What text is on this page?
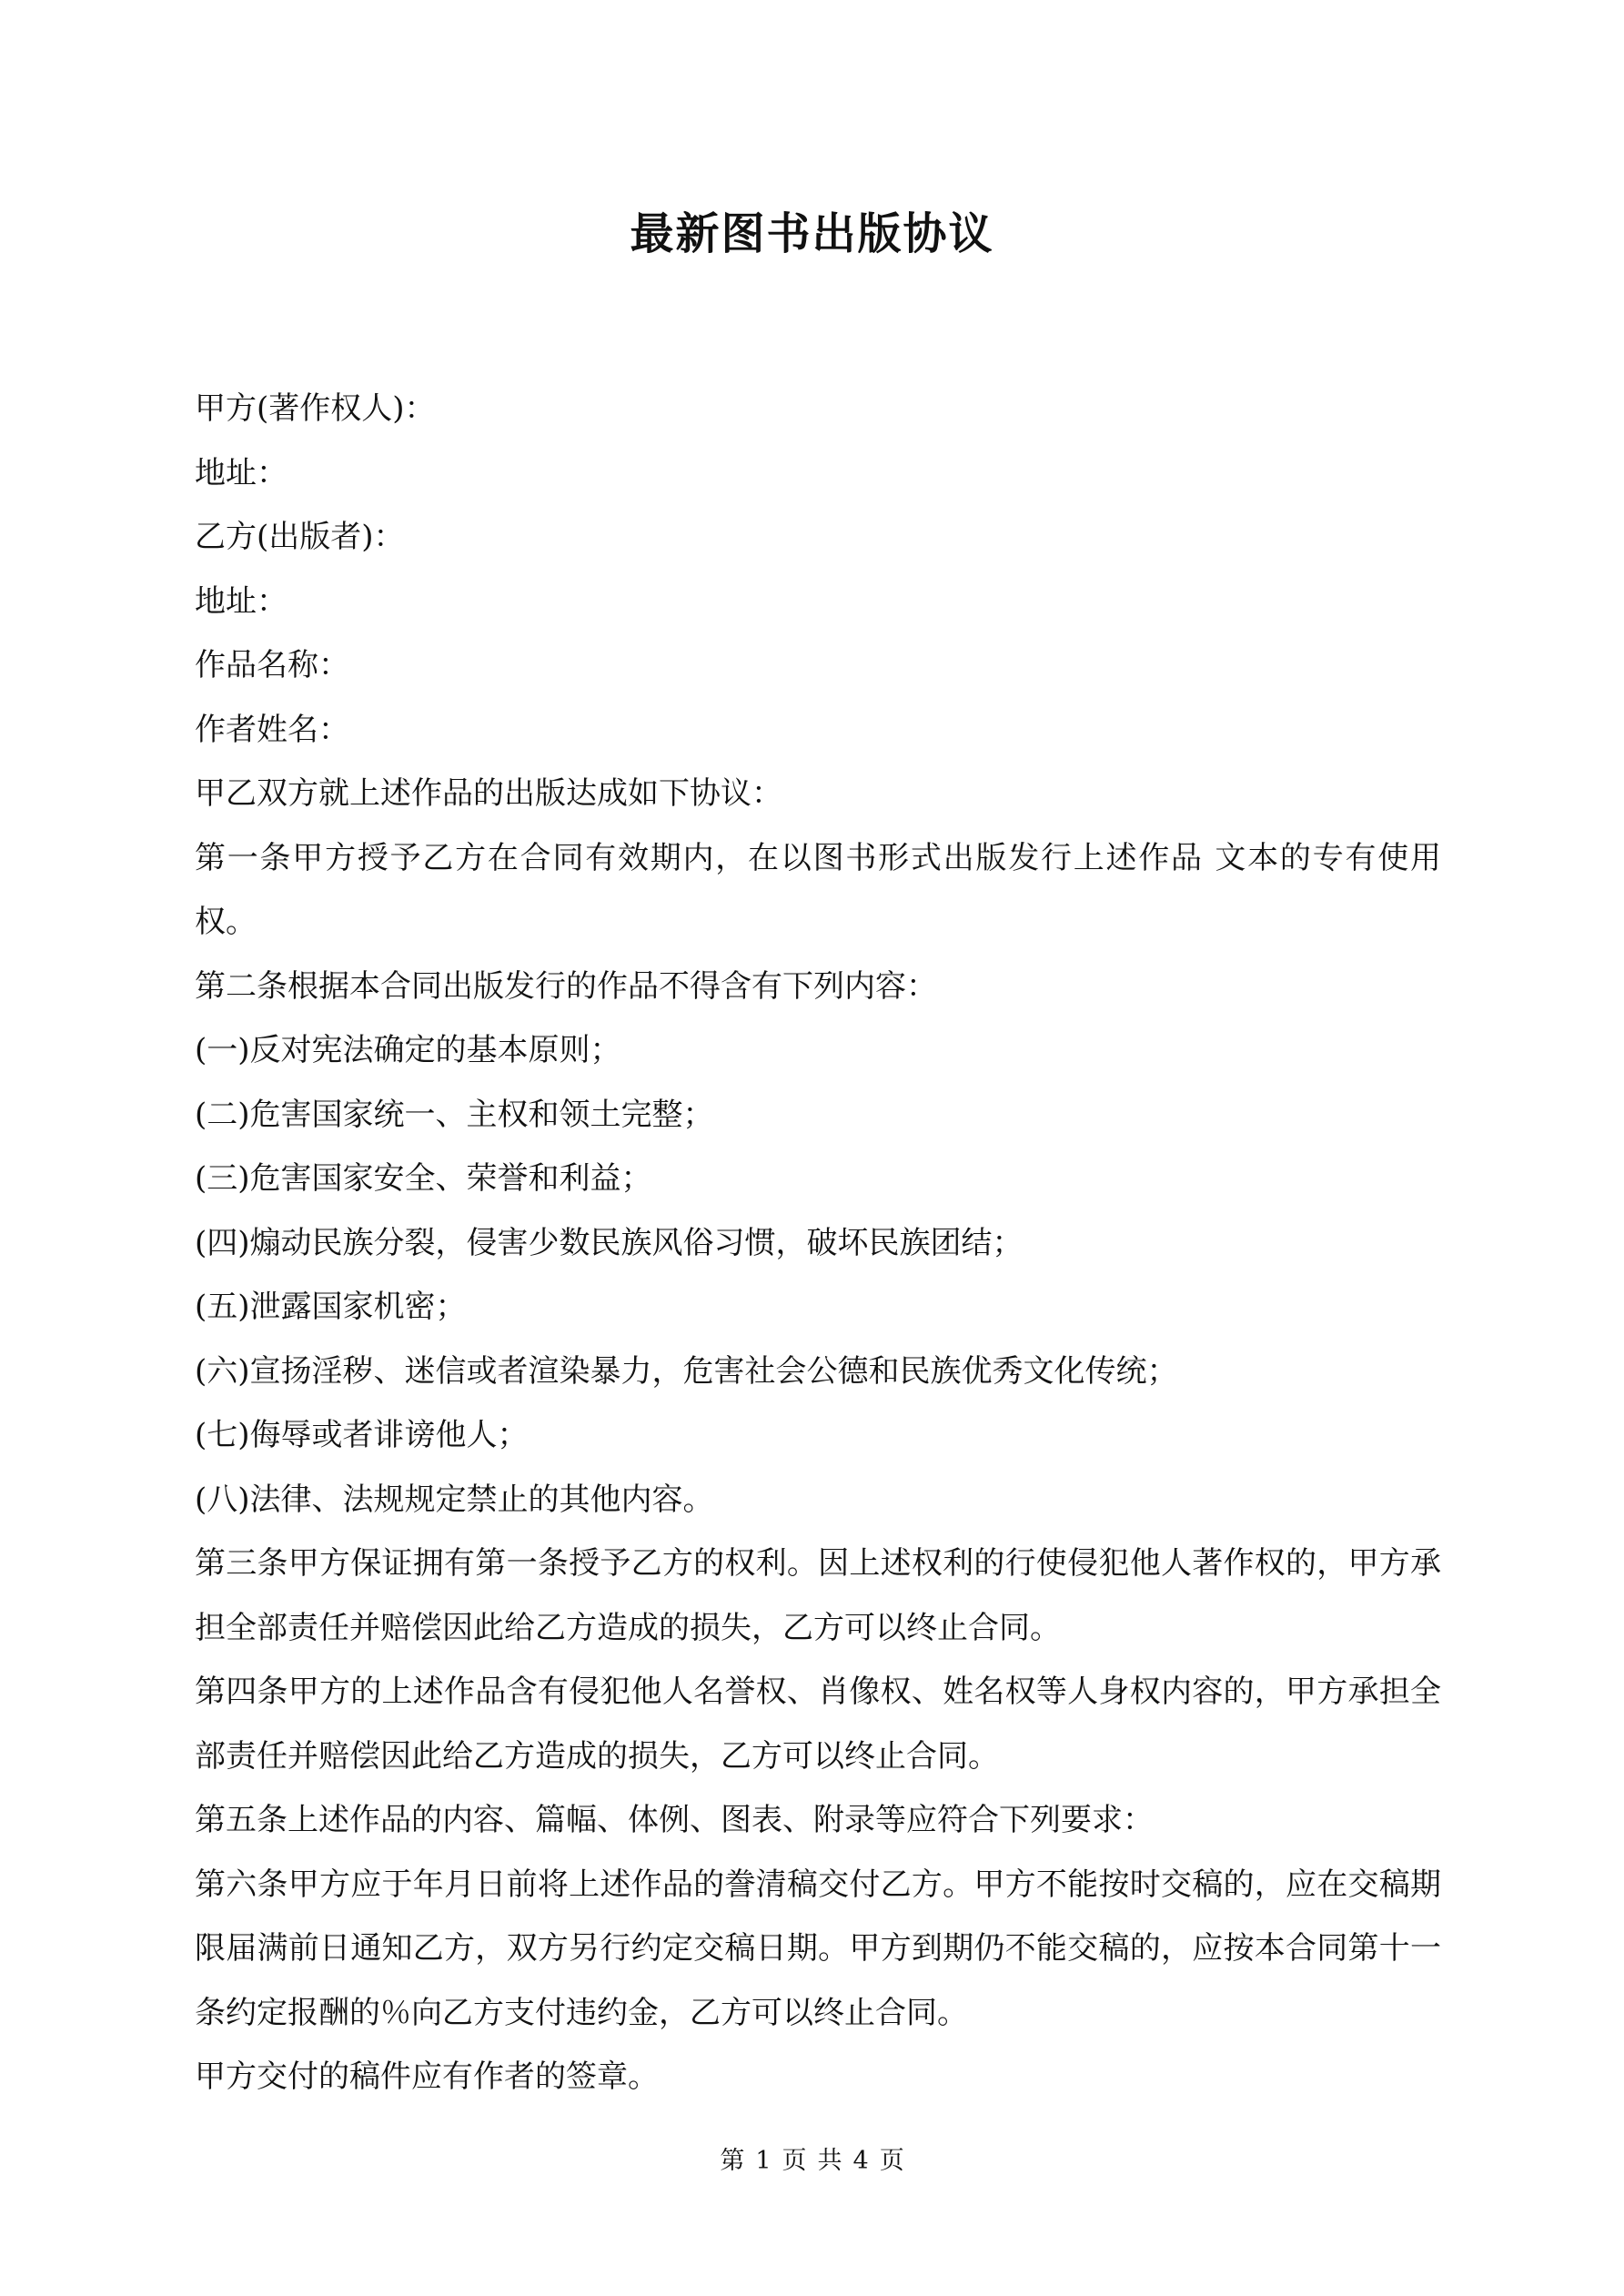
最新图书出版协议

甲方(著作权人)：

地址：

乙方(出版者)：

地址：

作品名称：

作者姓名：

甲乙双方就上述作品的出版达成如下协议：

第一条甲方授予乙方在合同有效期内，在以图书形式出版发行上述作品 文本的专有使用权。

第二条根据本合同出版发行的作品不得含有下列内容：

(一)反对宪法确定的基本原则；

(二)危害国家统一、主权和领土完整；

(三)危害国家安全、荣誉和利益；

(四)煽动民族分裂，侵害少数民族风俗习惯，破坏民族团结；

(五)泄露国家机密；

(六)宣扬淫秽、迷信或者渲染暴力，危害社会公德和民族优秀文化传统；

(七)侮辱或者诽谤他人；

(八)法律、法规规定禁止的其他内容。

第三条甲方保证拥有第一条授予乙方的权利。因上述权利的行使侵犯他人著作权的，甲方承担全部责任并赔偿因此给乙方造成的损失，乙方可以终止合同。

第四条甲方的上述作品含有侵犯他人名誉权、肖像权、姓名权等人身权内容的，甲方承担全部责任并赔偿因此给乙方造成的损失，乙方可以终止合同。

第五条上述作品的内容、篇幅、体例、图表、附录等应符合下列要求：

第六条甲方应于年月日前将上述作品的誊清稿交付乙方。甲方不能按时交稿的，应在交稿期限届满前日通知乙方，双方另行约定交稿日期。甲方到期仍不能交稿的，应按本合同第十一条约定报酬的％向乙方支付违约金，乙方可以终止合同。

甲方交付的稿件应有作者的签章。

第 1 页 共 4 页
